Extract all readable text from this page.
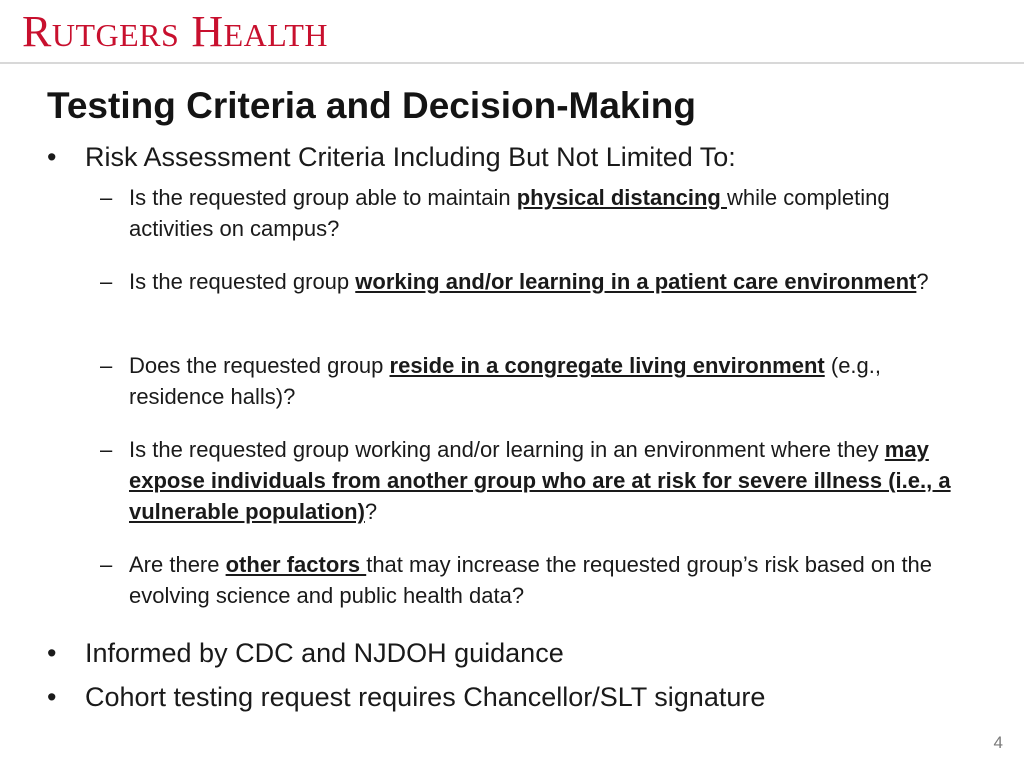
RUTGERS HEALTH
Testing Criteria and Decision-Making
• Risk Assessment Criteria Including But Not Limited To:
– Is the requested group able to maintain physical distancing while completing activities on campus?
– Is the requested group working and/or learning in a patient care environment?
– Does the requested group reside in a congregate living environment (e.g., residence halls)?
– Is the requested group working and/or learning in an environment where they may expose individuals from another group who are at risk for severe illness (i.e., a vulnerable population)?
– Are there other factors that may increase the requested group’s risk based on the evolving science and public health data?
• Informed by CDC and NJDOH guidance
• Cohort testing request requires Chancellor/SLT signature
4
